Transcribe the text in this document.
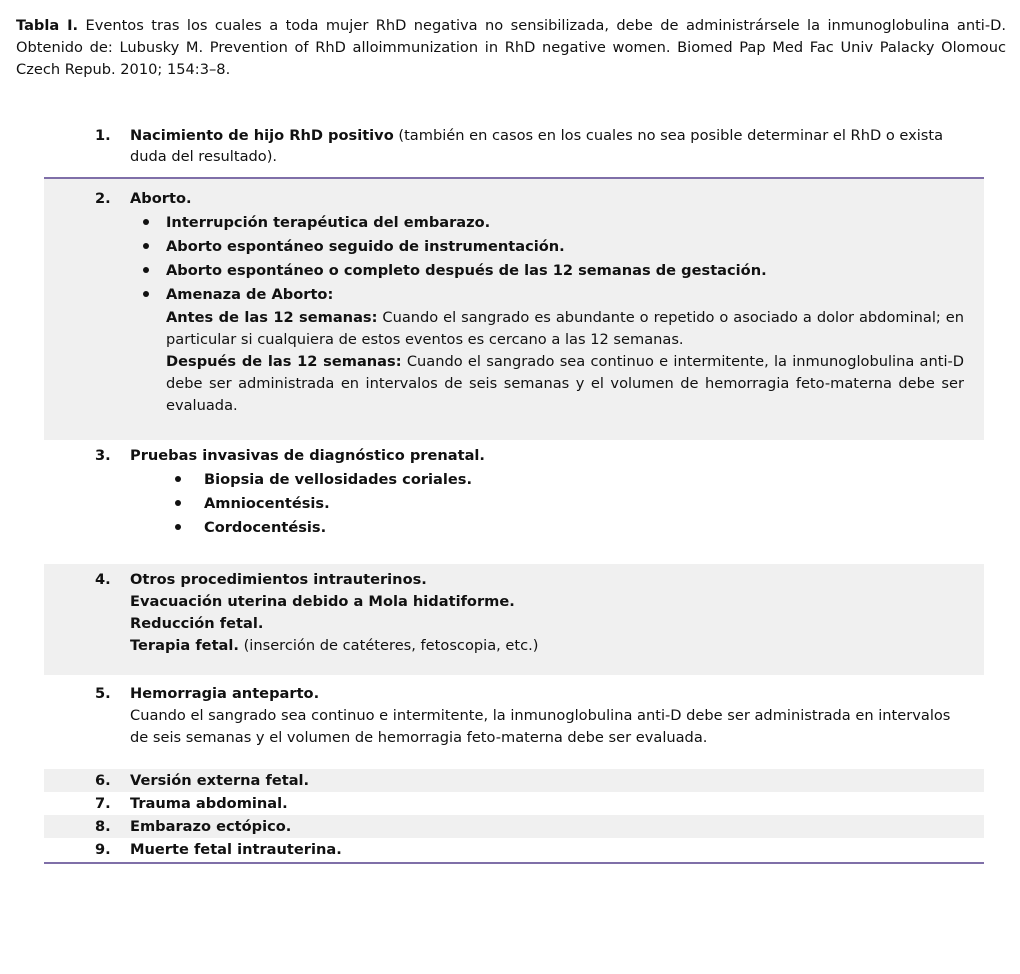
Tabla I. Eventos tras los cuales a toda mujer RhD negativa no sensibilizada, debe de administrársele la inmunoglobulina anti-D. Obtenido de: Lubusky M. Prevention of RhD alloimmunization in RhD negative women. Biomed Pap Med Fac Univ Palacky Olomouc Czech Repub. 2010; 154:3–8.
1.	Nacimiento de hijo RhD positivo (también en casos en los cuales no sea posible determinar el RhD o exista duda del resultado).
2.	Aborto.
Interrupción terapéutica del embarazo.
Aborto espontáneo seguido de instrumentación.
Aborto espontáneo o completo después de las 12 semanas de gestación.
Amenaza de Aborto:
Antes de las 12 semanas: Cuando el sangrado es abundante o repetido o asociado a dolor abdominal; en particular si cualquiera de estos eventos es cercano a las 12 semanas.
Después de las 12 semanas: Cuando el sangrado sea continuo e intermitente, la inmunoglobulina anti-D debe ser administrada en intervalos de seis semanas y el volumen de hemorragia feto-materna debe ser evaluada.
3.	Pruebas invasivas de diagnóstico prenatal.
Biopsia de vellosidades coriales.
Amniocentésis.
Cordocentésis.
4.	Otros procedimientos intrauterinos.
Evacuación uterina debido a Mola hidatiforme.
Reducción fetal.
Terapia fetal. (inserción de catéteres, fetoscopia, etc.)
5.	Hemorragia anteparto.
Cuando el sangrado sea continuo e intermitente, la inmunoglobulina anti-D debe ser administrada en intervalos de seis semanas y el volumen de hemorragia feto-materna debe ser evaluada.
6.	Versión externa fetal.
7.	Trauma abdominal.
8.	Embarazo ectópico.
9.	Muerte fetal intrauterina.
